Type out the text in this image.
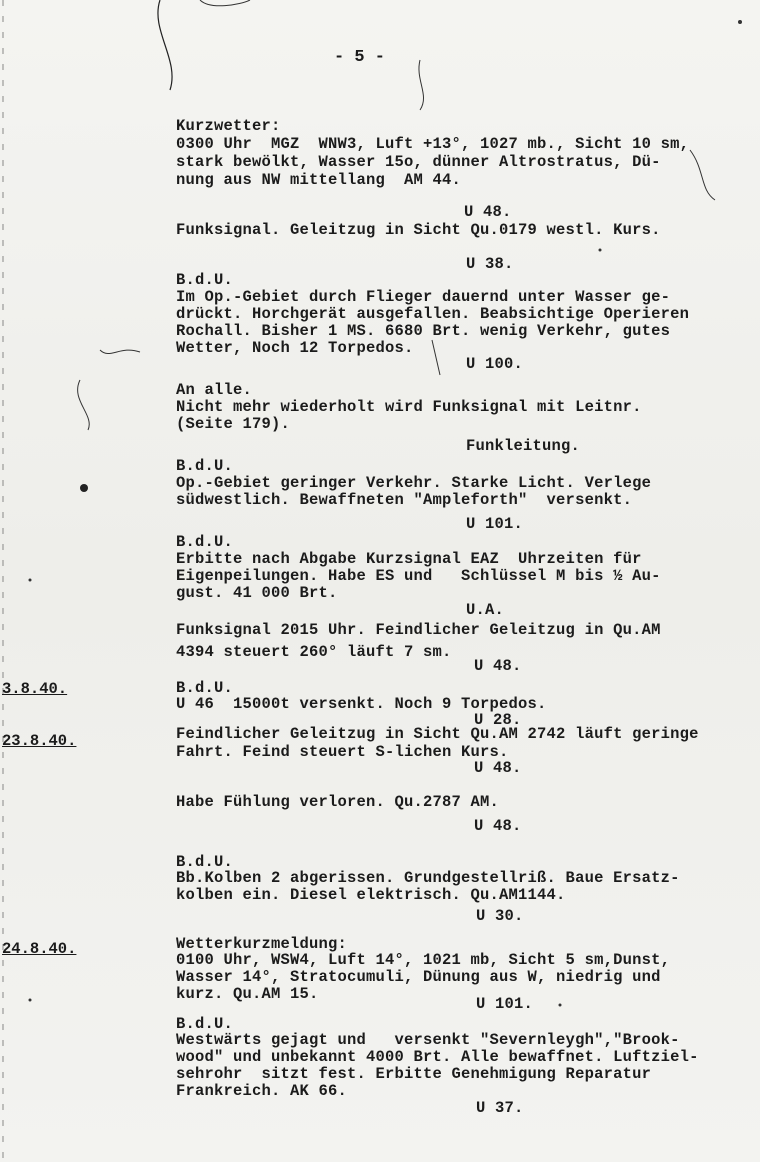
- 5 -
Kurzwetter:
0300 Uhr  MGZ  WNW3, Luft +13°, 1027 mb., Sicht 10 sm,
stark bewölkt, Wasser 15o, dünner Altrostratus, Dü-
nung aus NW mittellang  AM 44.
U 48.
Funksignal. Geleitzug in Sicht Qu.0179 westl. Kurs.
U 38.
B.d.U.
Im Op.-Gebiet durch Flieger dauernd unter Wasser ge-
drückt. Horchgerät ausgefallen. Beabsichtige Operieren
Rochall. Bisher 1 MS. 6680 Brt. wenig Verkehr, gutes
Wetter, Noch 12 Torpedos.
U 100.
An alle.
Nicht mehr wiederholt wird Funksignal mit Leitnr.
(Seite 179).
Funkleitung.
B.d.U.
Op.-Gebiet geringer Verkehr. Starke Licht. Verlege
südwestlich. Bewaffneten "Ampleforth"  versenkt.
U 101.
B.d.U.
Erbitte nach Abgabe Kurzsignal EAZ  Uhrzeiten für
Eigenpeilungen. Habe ES und   Schlüssel M bis ½ Au-
gust. 41 000 Brt.
U.A.
Funksignal 2015 Uhr. Feindlicher Geleitzug in Qu.AM
4394 steuert 260° läuft 7 sm.
U 48.
3.8.40.	B.d.U.
U 46  15000t versenkt. Noch 9 Torpedos.
U 28.
23.8.40.	Feindlicher Geleitzug in Sicht Qu.AM 2742 läuft geringe
Fahrt. Feind steuert S-lichen Kurs.
U 48.
Habe Fühlung verloren. Qu.2787 AM.
U 48.
B.d.U.
Bb.Kolben 2 abgerissen. Grundgestellriß. Baue Ersatz-
kolben ein. Diesel elektrisch. Qu.AM1144.
U 30.
24.8.40.	Wetterkurzmeldung:
0100 Uhr, WSW4, Luft 14°, 1021 mb, Sicht 5 sm,Dunst,
Wasser 14°, Stratocumuli, Dünung aus W, niedrig und
kurz. Qu.AM 15.
U 101.
B.d.U.
Westwärts gejagt und   versenkt "Severnleygh","Brook-
wood" und unbekannt 4000 Brt. Alle bewaffnet. Luftziel-
sehrohr  sitzt fest. Erbitte Genehmigung Reparatur
Frankreich. AK 66.
U 37.
